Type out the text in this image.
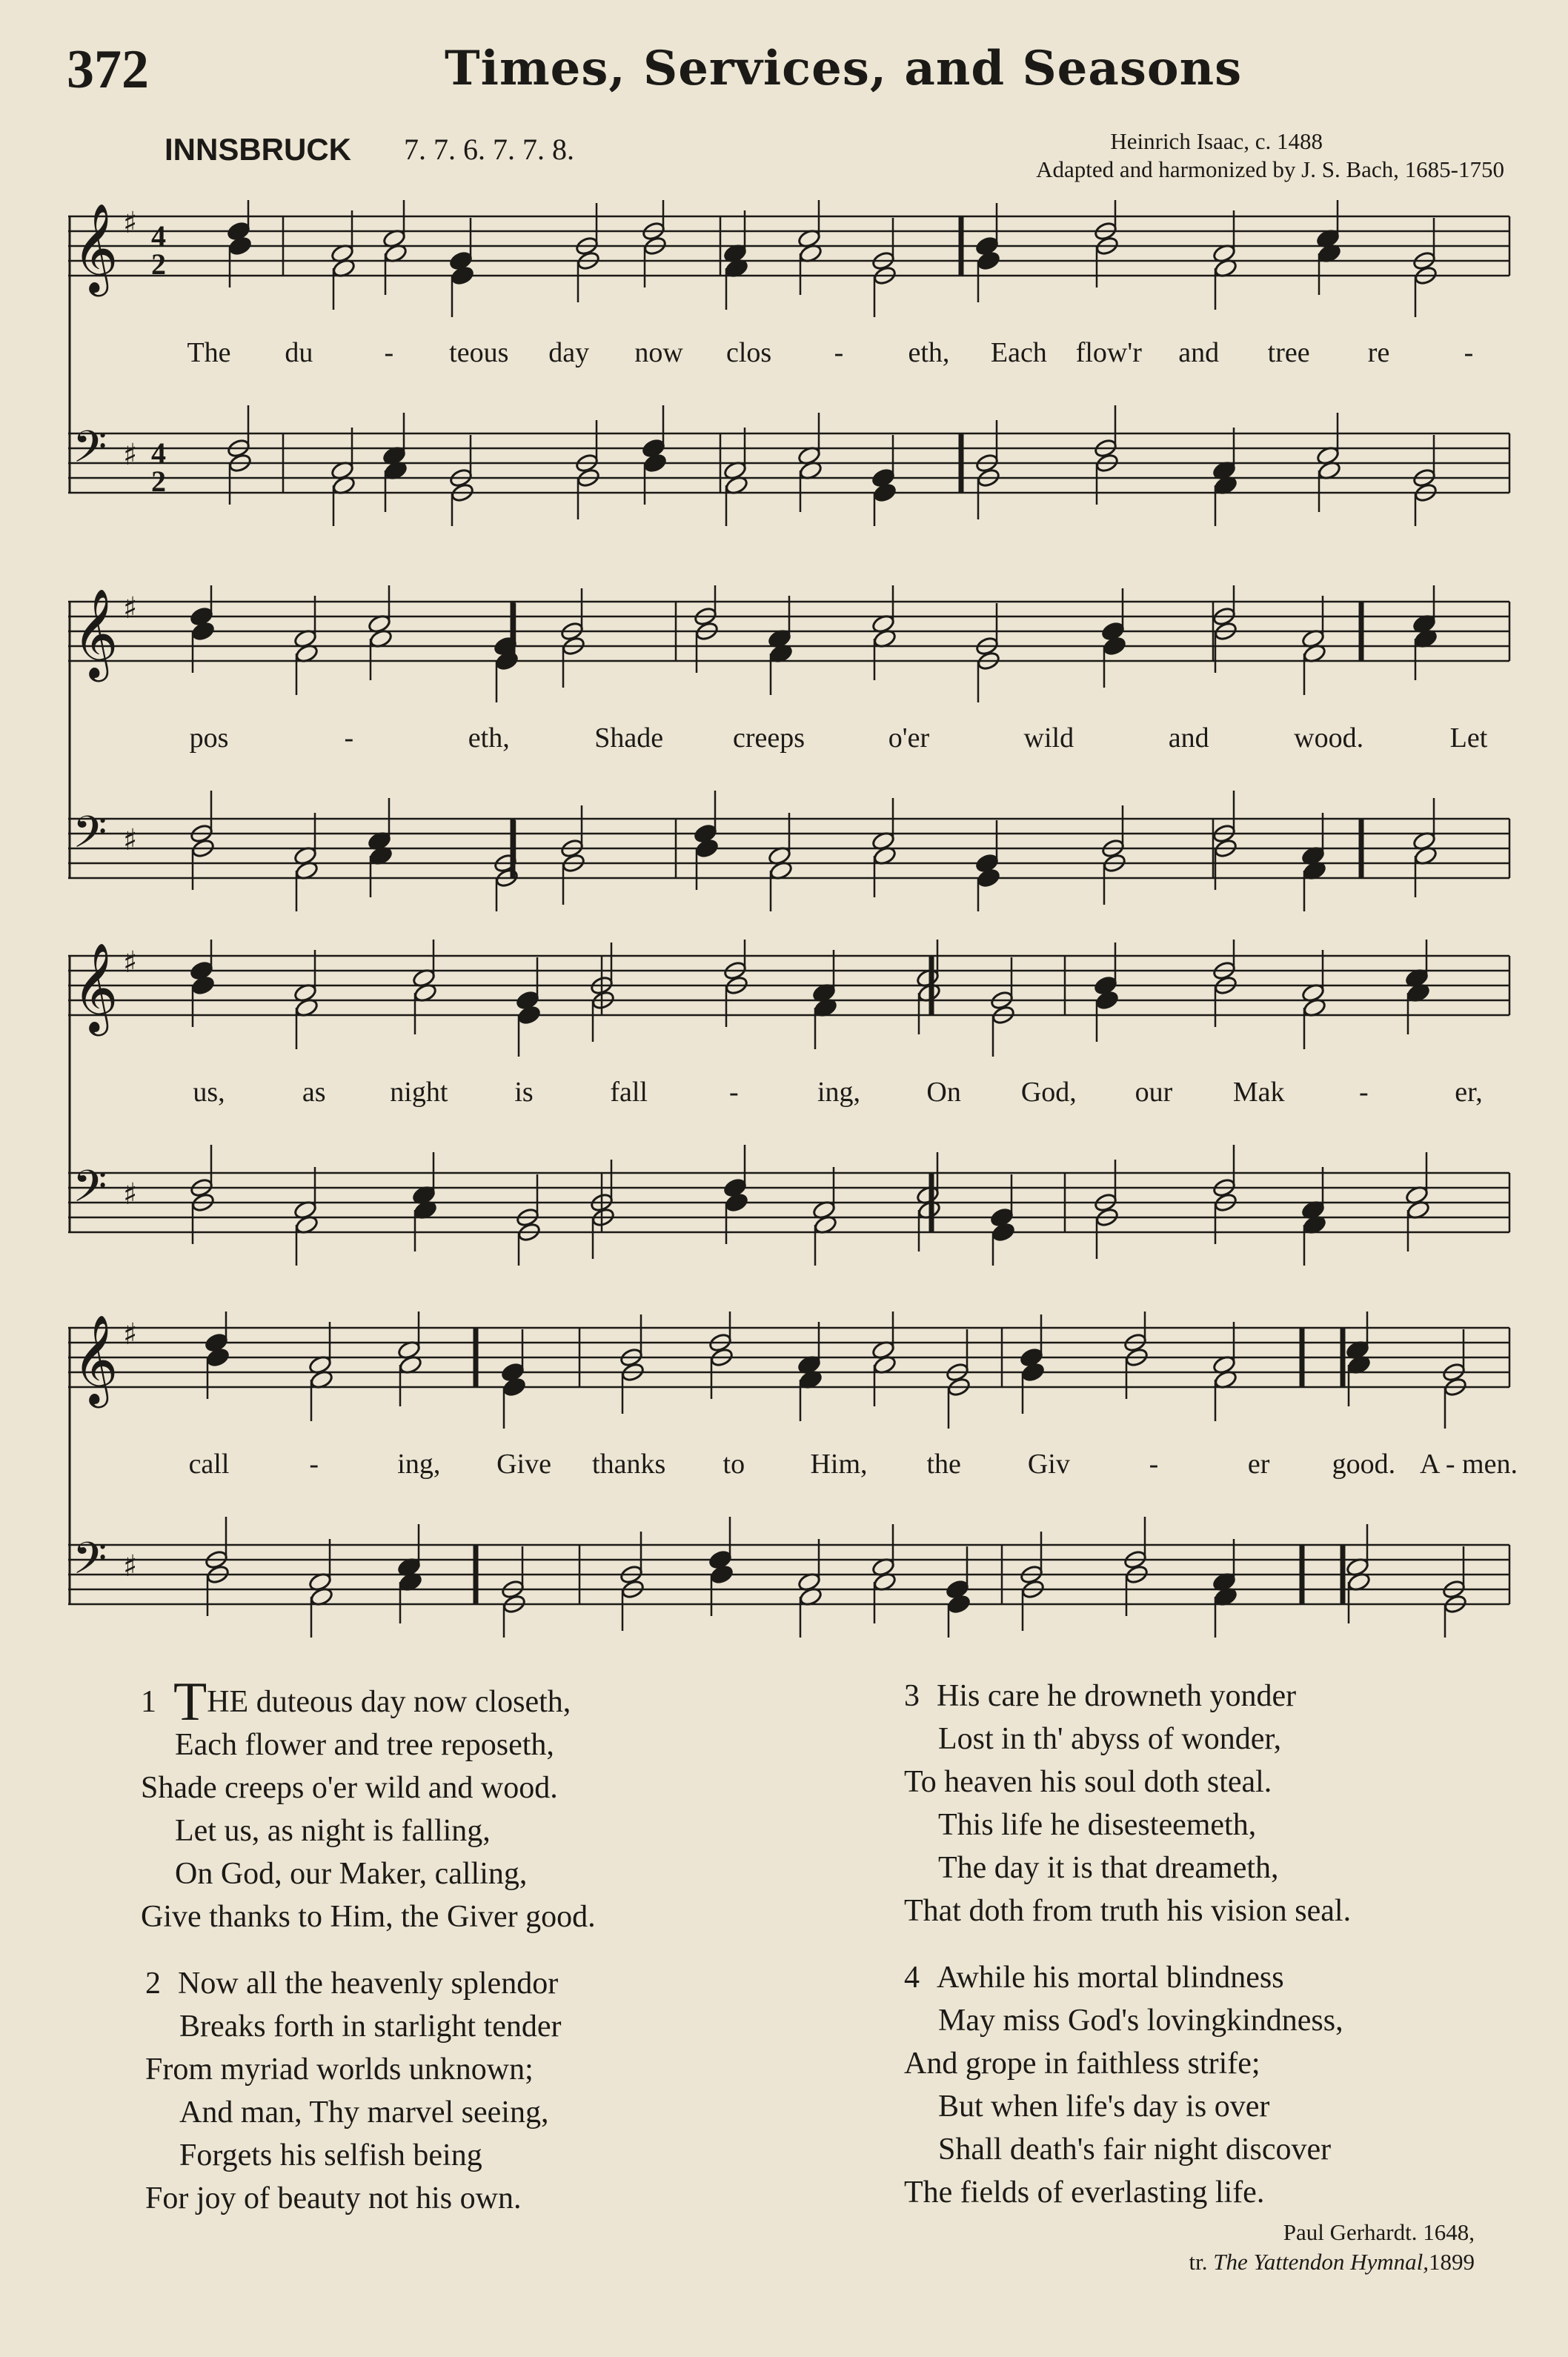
372	Times, Services, and Seasons
INNSBRUCK 7. 7. 6. 7. 7. 8.	Heinrich Isaac, c. 1488
Adapted and harmonized by J. S. Bach, 1685-1750
𝄞 ♯
𝄢 ♯
4
2
4
2
The du	- teous day now clos - eth, Each flow'r and tree re	-
𝄞 ♯
𝄢 ♯
pos	-	eth,	Shade creeps	o'er	wild	and	wood.	Let
𝄞 ♯
𝄢 ♯
us,	as night is	fall	-	ing, On God, our Mak	-	er,
𝄞 ♯
𝄢 ♯
call	-	ing, Give thanks to Him, the Giv	-	er good. A - men.
1 THE duteous day now closeth,
Each flower and tree reposeth,
Shade creeps o'er wild and wood.
Let us, as night is falling,
On God, our Maker, calling,
Give thanks to Him, the Giver good.
2 Now all the heavenly splendor
Breaks forth in starlight tender
From myriad worlds unknown;
And man, Thy marvel seeing,
Forgets his selfish being
For joy of beauty not his own.
3 His care he drowneth yonder
Lost in th' abyss of wonder,
To heaven his soul doth steal.
This life he disesteemeth,
The day it is that dreameth,
That doth from truth his vision seal.
4 Awhile his mortal blindness
May miss God's lovingkindness,
And grope in faithless strife;
But when life's day is over
Shall death's fair night discover
The fields of everlasting life.
Paul Gerhardt. 1648,
tr. The Yattendon Hymnal,1899
